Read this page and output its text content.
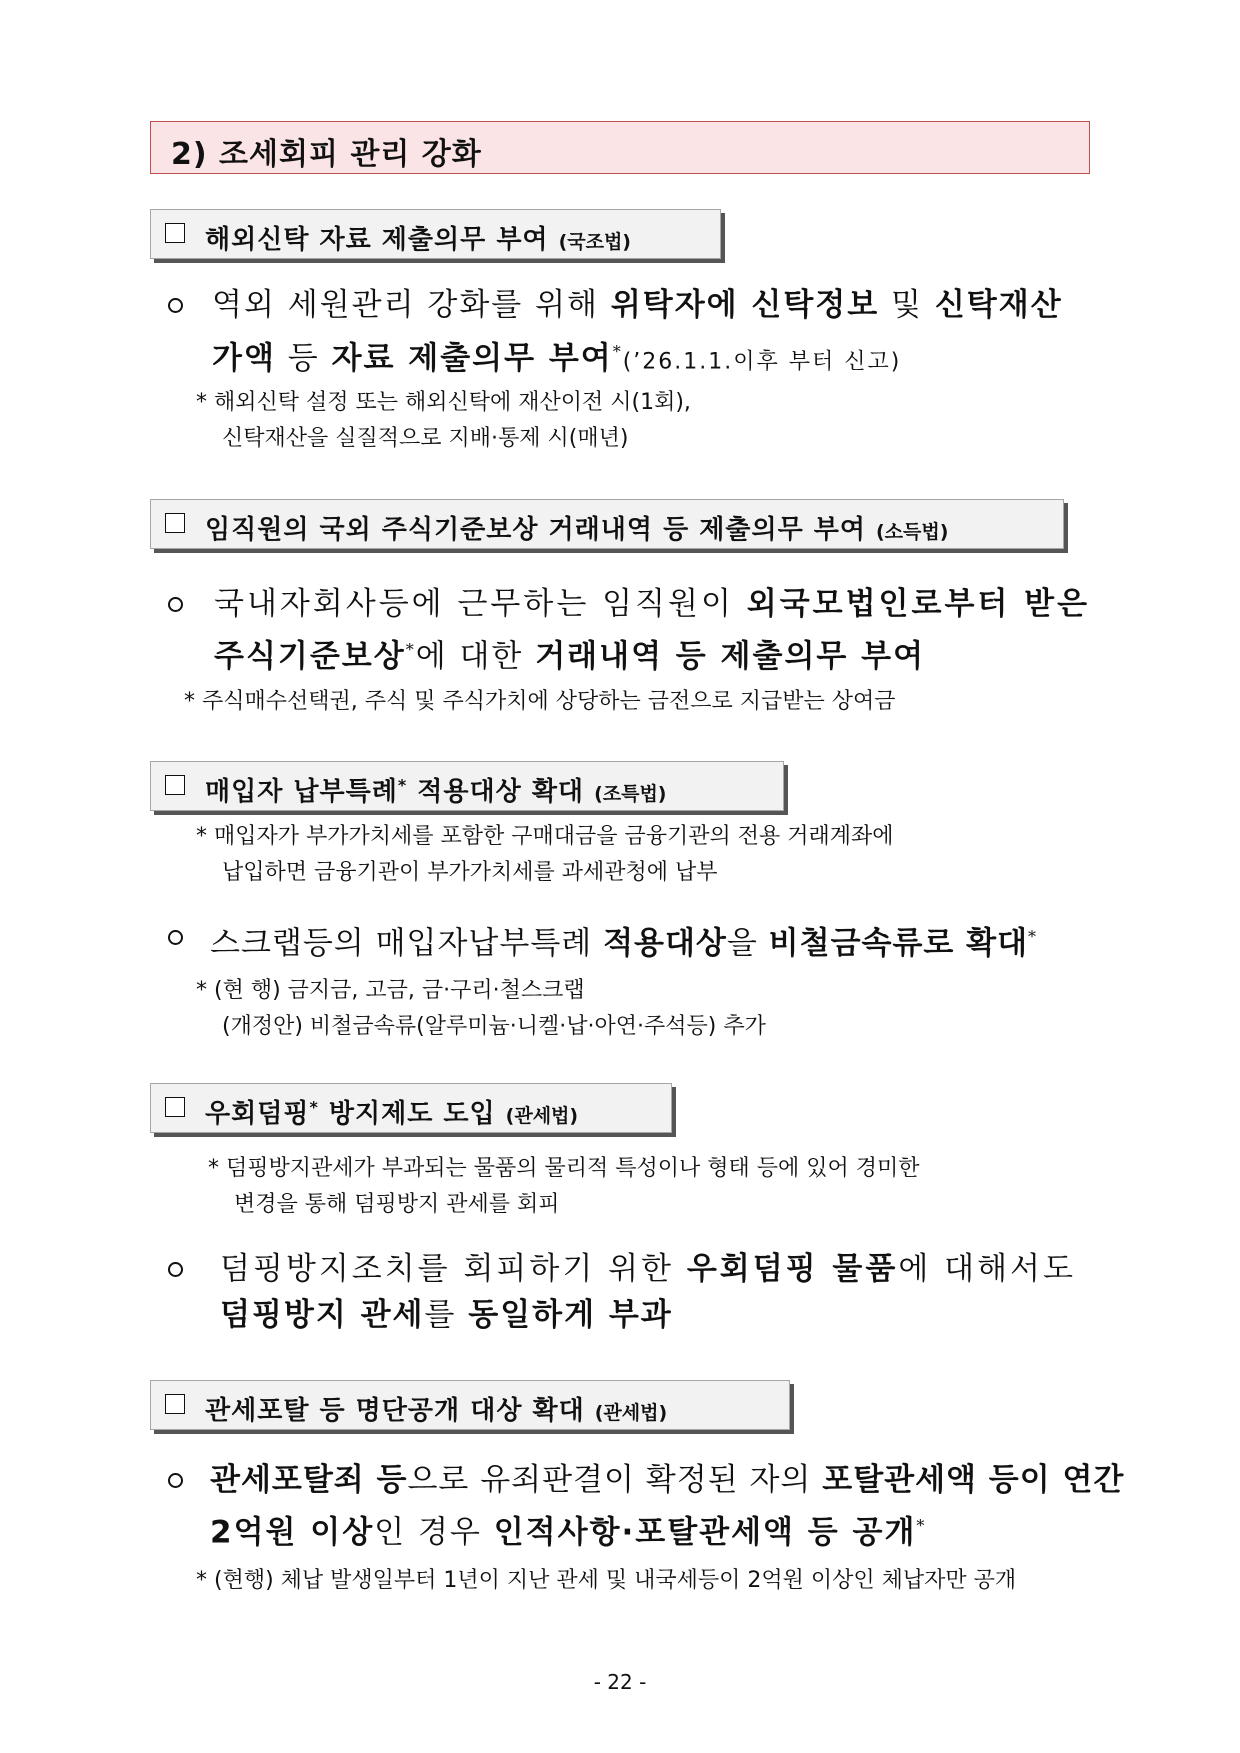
2) 조세회피 관리 강화
해외신탁 자료 제출의무 부여 (국조법)
역외 세원관리 강화를 위해 위탁자에 신탁정보 및 신탁재산
가액 등 자료 제출의무 부여*(’26.1.1.이후 부터 신고)
* 해외신탁 설정 또는 해외신탁에 재산이전 시(1회),
신탁재산을 실질적으로 지배·통제 시(매년)
임직원의 국외 주식기준보상 거래내역 등 제출의무 부여 (소득법)
국내자회사등에 근무하는 임직원이 외국모법인로부터 받은
주식기준보상*에 대한 거래내역 등 제출의무 부여
* 주식매수선택권, 주식 및 주식가치에 상당하는 금전으로 지급받는 상여금
매입자 납부특례* 적용대상 확대 (조특법)
* 매입자가 부가가치세를 포함한 구매대금을 금융기관의 전용 거래계좌에
납입하면 금융기관이 부가가치세를 과세관청에 납부
스크랩등의 매입자납부특례 적용대상을 비철금속류로 확대*
* (현 행) 금지금, 고금, 금·구리·철스크랩
(개정안) 비철금속류(알루미늄·니켈·납·아연·주석등) 추가
우회덤핑* 방지제도 도입 (관세법)
* 덤핑방지관세가 부과되는 물품의 물리적 특성이나 형태 등에 있어 경미한
변경을 통해 덤핑방지 관세를 회피
덤핑방지조치를 회피하기 위한 우회덤핑 물품에 대해서도
덤핑방지 관세를 동일하게 부과
관세포탈 등 명단공개 대상 확대 (관세법)
관세포탈죄 등으로 유죄판결이 확정된 자의 포탈관세액 등이 연간
2억원 이상인 경우 인적사항·포탈관세액 등 공개*
* (현행) 체납 발생일부터 1년이 지난 관세 및 내국세등이 2억원 이상인 체납자만 공개
- 22 -
